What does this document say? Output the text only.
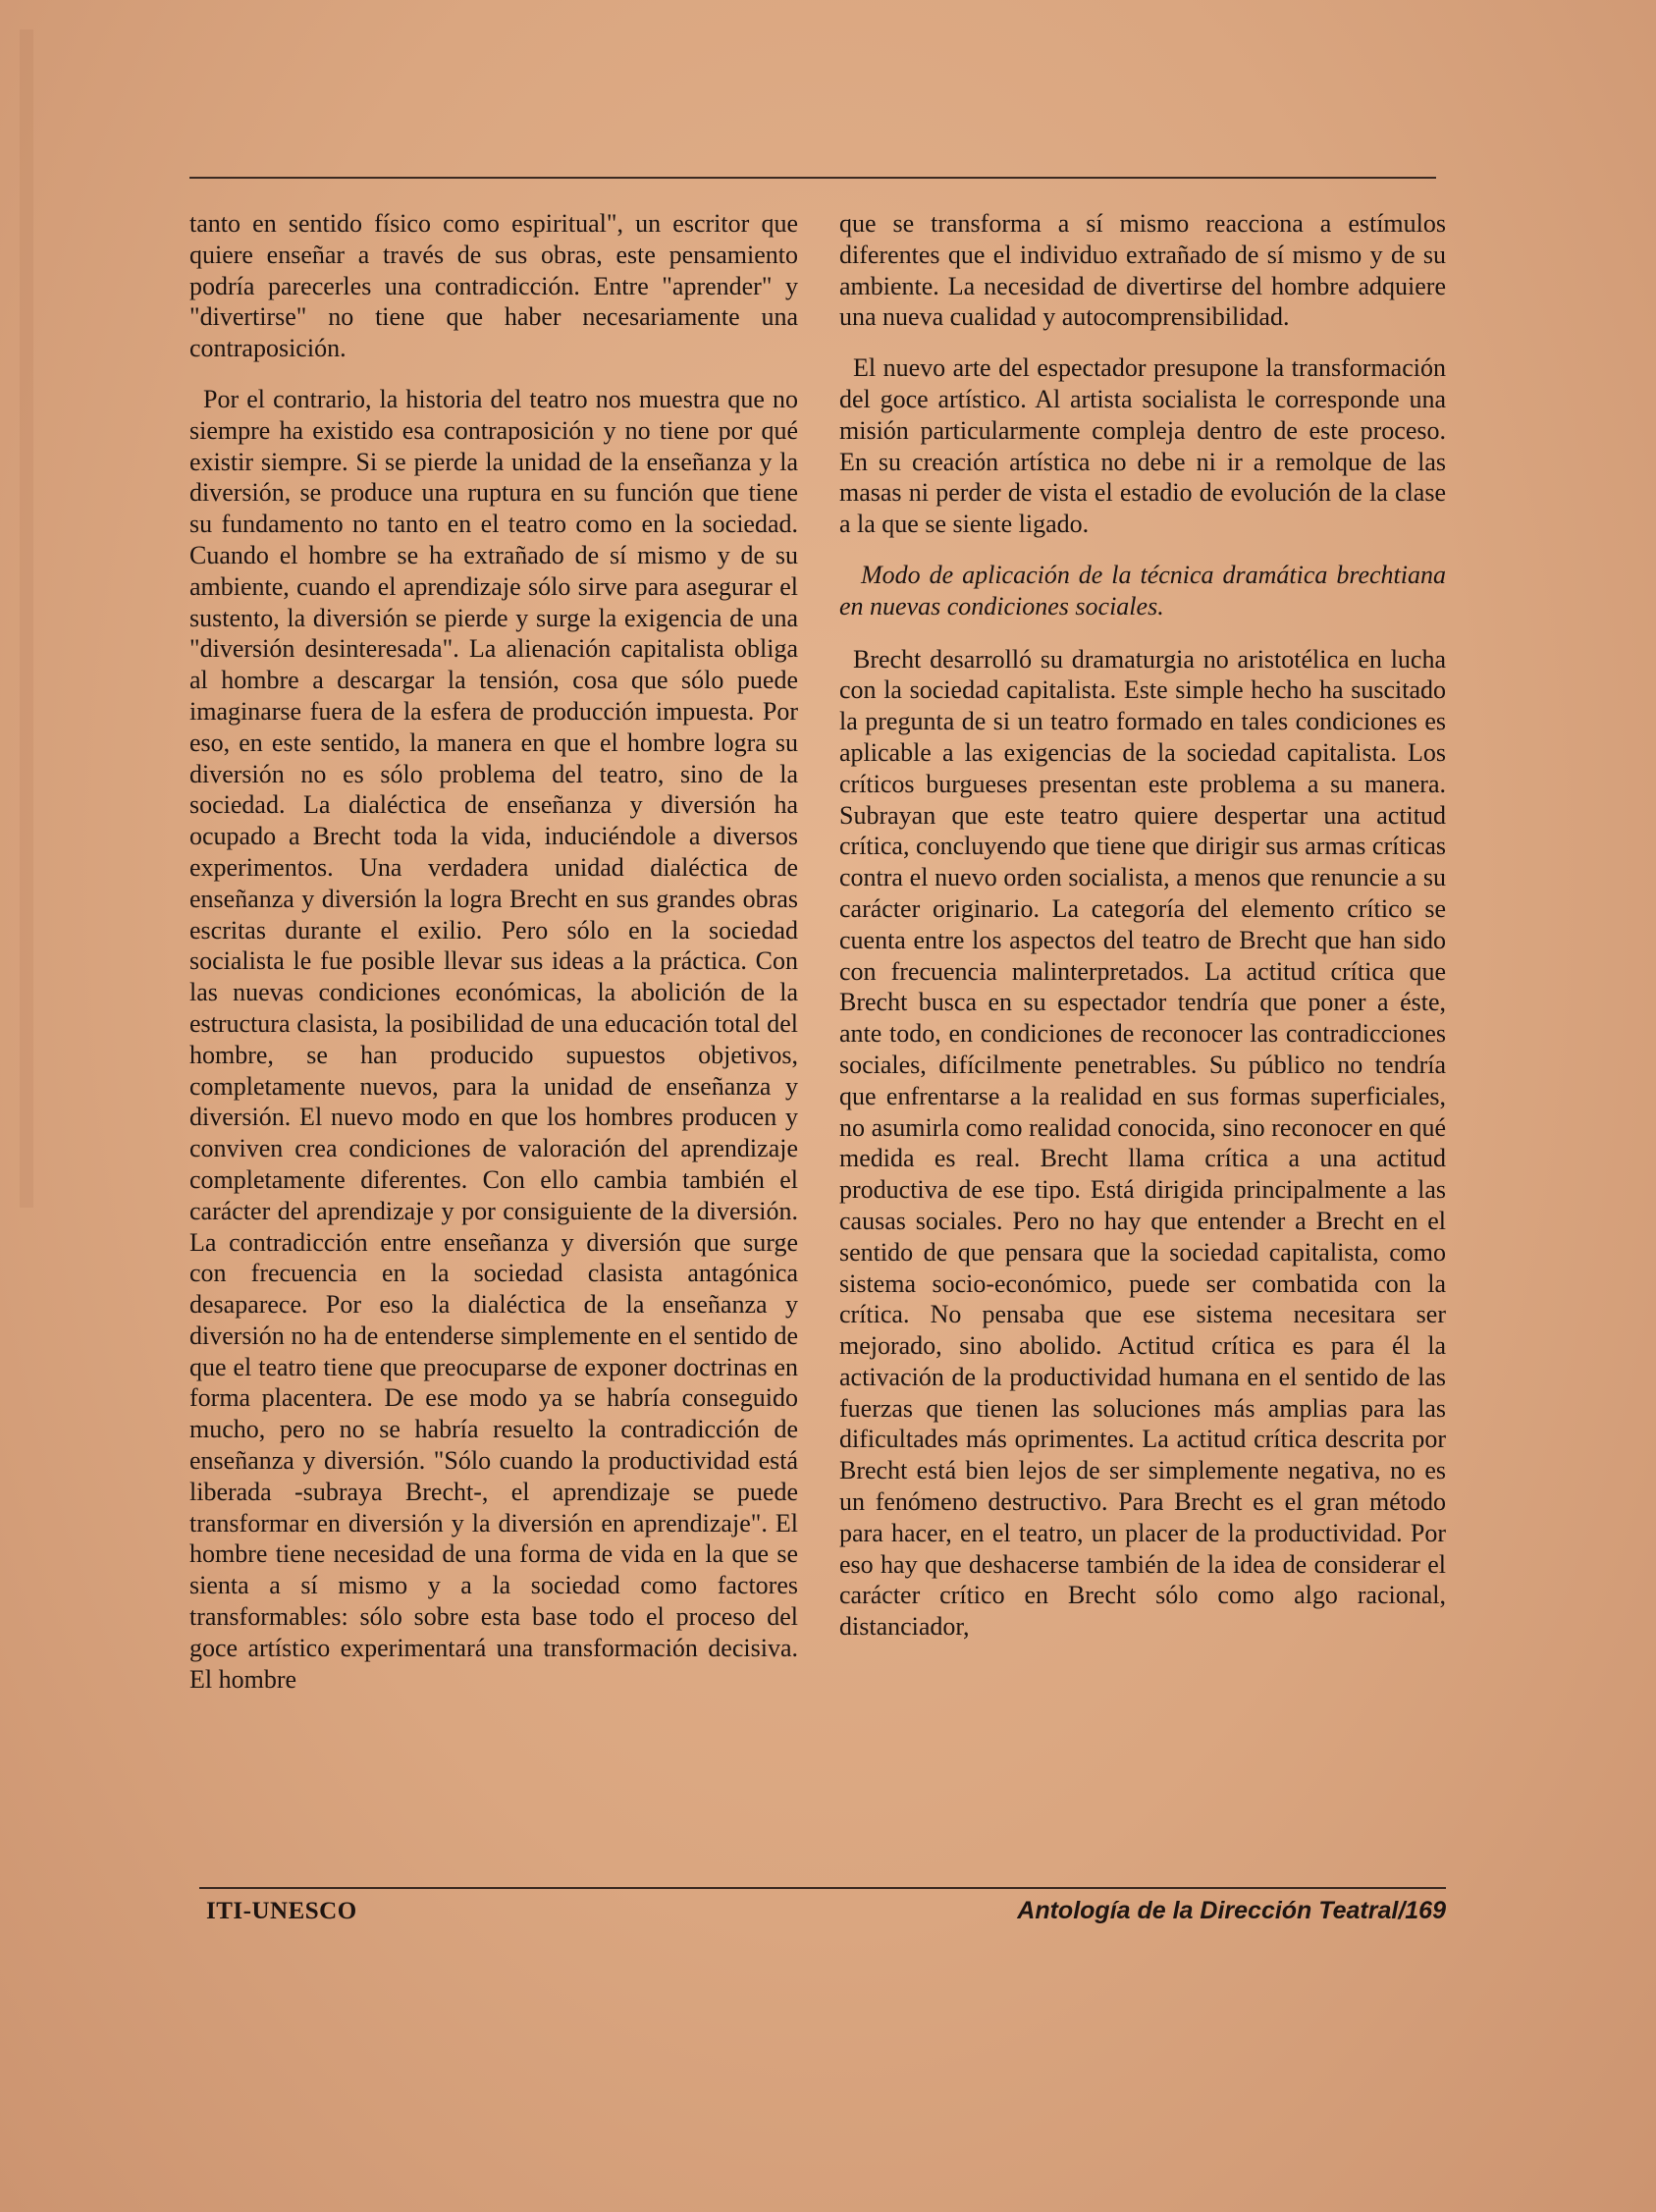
tanto en sentido físico como espiritual", un escritor que quiere enseñar a través de sus obras, este pensamiento podría parecerles una contradicción. Entre "aprender" y "divertirse" no tiene que haber necesariamente una contraposición.

Por el contrario, la historia del teatro nos muestra que no siempre ha existido esa contraposición y no tiene por qué existir siempre. Si se pierde la unidad de la enseñanza y la diversión, se produce una ruptura en su función que tiene su fundamento no tanto en el teatro como en la sociedad. Cuando el hombre se ha extrañado de sí mismo y de su ambiente, cuando el aprendizaje sólo sirve para asegurar el sustento, la diversión se pierde y surge la exigencia de una "diversión desinteresada". La alienación capitalista obliga al hombre a descargar la tensión, cosa que sólo puede imaginarse fuera de la esfera de producción impuesta. Por eso, en este sentido, la manera en que el hombre logra su diversión no es sólo problema del teatro, sino de la sociedad. La dialéctica de enseñanza y diversión ha ocupado a Brecht toda la vida, induciéndole a diversos experimentos. Una verdadera unidad dialéctica de enseñanza y diversión la logra Brecht en sus grandes obras escritas durante el exilio. Pero sólo en la sociedad socialista le fue posible llevar sus ideas a la práctica. Con las nuevas condiciones económicas, la abolición de la estructura clasista, la posibilidad de una educación total del hombre, se han producido supuestos objetivos, completamente nuevos, para la unidad de enseñanza y diversión. El nuevo modo en que los hombres producen y conviven crea condiciones de valoración del aprendizaje completamente diferentes. Con ello cambia también el carácter del aprendizaje y por consiguiente de la diversión. La contradicción entre enseñanza y diversión que surge con frecuencia en la sociedad clasista antagónica desaparece. Por eso la dialéctica de la enseñanza y diversión no ha de entenderse simplemente en el sentido de que el teatro tiene que preocuparse de exponer doctrinas en forma placentera. De ese modo ya se habría conseguido mucho, pero no se habría resuelto la contradicción de enseñanza y diversión. "Sólo cuando la productividad está liberada -subraya Brecht-, el aprendizaje se puede transformar en diversión y la diversión en aprendizaje". El hombre tiene necesidad de una forma de vida en la que se sienta a sí mismo y a la sociedad como factores transformables: sólo sobre esta base todo el proceso del goce artístico experimentará una transformación decisiva. El hombre

que se transforma a sí mismo reacciona a estímulos diferentes que el individuo extrañado de sí mismo y de su ambiente. La necesidad de divertirse del hombre adquiere una nueva cualidad y autocomprensibilidad.

El nuevo arte del espectador presupone la transformación del goce artístico. Al artista socialista le corresponde una misión particularmente compleja dentro de este proceso. En su creación artística no debe ni ir a remolque de las masas ni perder de vista el estadio de evolución de la clase a la que se siente ligado.

Modo de aplicación de la técnica dramática brechtiana en nuevas condiciones sociales.

Brecht desarrolló su dramaturgia no aristotélica en lucha con la sociedad capitalista. Este simple hecho ha suscitado la pregunta de si un teatro formado en tales condiciones es aplicable a las exigencias de la sociedad capitalista. Los críticos burgueses presentan este problema a su manera. Subrayan que este teatro quiere despertar una actitud crítica, concluyendo que tiene que dirigir sus armas críticas contra el nuevo orden socialista, a menos que renuncie a su carácter originario. La categoría del elemento crítico se cuenta entre los aspectos del teatro de Brecht que han sido con frecuencia malinterpretados. La actitud crítica que Brecht busca en su espectador tendría que poner a éste, ante todo, en condiciones de reconocer las contradicciones sociales, difícilmente penetrables. Su público no tendría que enfrentarse a la realidad en sus formas superficiales, no asumirla como realidad conocida, sino reconocer en qué medida es real. Brecht llama crítica a una actitud productiva de ese tipo. Está dirigida principalmente a las causas sociales. Pero no hay que entender a Brecht en el sentido de que pensara que la sociedad capitalista, como sistema socio-económico, puede ser combatida con la crítica. No pensaba que ese sistema necesitara ser mejorado, sino abolido. Actitud crítica es para él la activación de la productividad humana en el sentido de las fuerzas que tienen las soluciones más amplias para las dificultades más oprimentes. La actitud crítica descrita por Brecht está bien lejos de ser simplemente negativa, no es un fenómeno destructivo. Para Brecht es el gran método para hacer, en el teatro, un placer de la productividad. Por eso hay que deshacerse también de la idea de considerar el carácter crítico en Brecht sólo como algo racional, distanciador,

ITI-UNESCO	Antología de la Dirección Teatral/169
